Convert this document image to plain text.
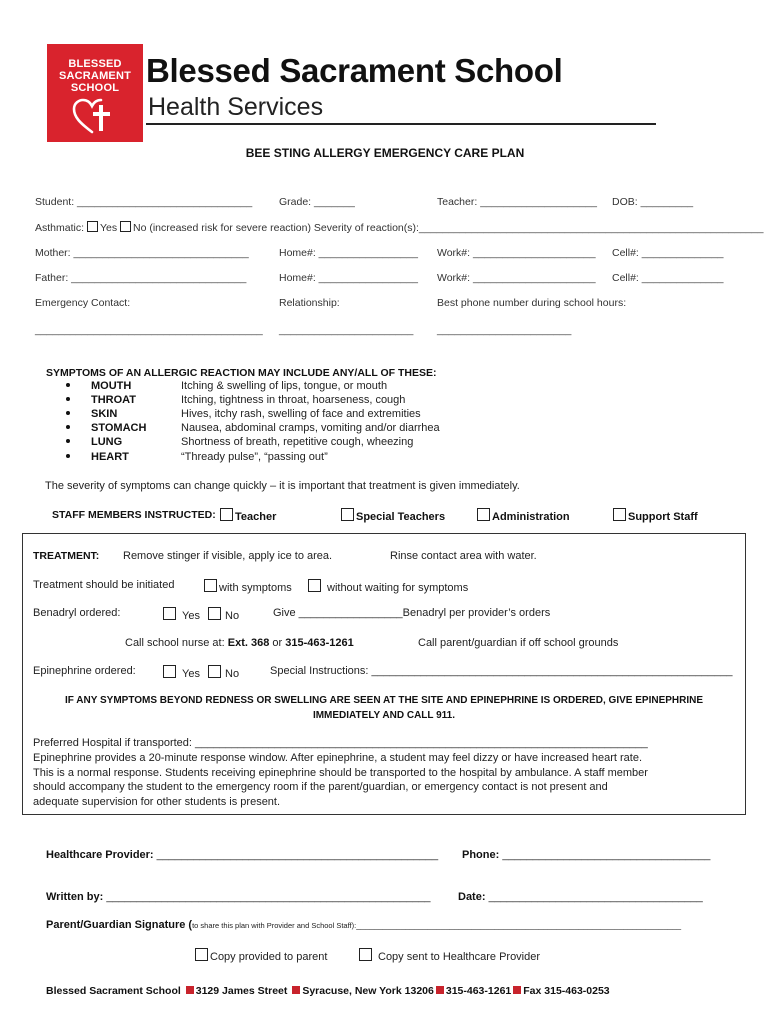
BLESSED
SACRAMENT
SCHOOL Blessed Sacrament School
Health Services
BEE STING ALLERGY EMERGENCY CARE PLAN
Student: ______________________________	Grade: _______	Teacher: ____________________ DOB: _________
Asthmatic: Yes No (increased risk for severe reaction) Severity of reaction(s):___________________________________________________________
Mother: ______________________________	Home#: _________________ Work#: _____________________ Cell#: ______________
Father: ______________________________	Home#: _________________ Work#: _____________________ Cell#: ______________
Emergency Contact:	Relationship:	Best phone number during school hours:
_______________________________________ _______________________ _______________________
SYMPTOMS OF AN ALLERGIC REACTION MAY INCLUDE ANY/ALL OF THESE:
MOUTH	Itching & swelling of lips, tongue, or mouth
THROAT	Itching, tightness in throat, hoarseness, cough
SKIN	Hives, itchy rash, swelling of face and extremities
STOMACH	Nausea, abdominal cramps, vomiting and/or diarrhea
LUNG	Shortness of breath, repetitive cough, wheezing
HEART	“Thready pulse”, “passing out”
The severity of symptoms can change quickly – it is important that treatment is given immediately.
STAFF MEMBERS INSTRUCTED:	Teacher	Special Teachers	Administration	Support Staff
TREATMENT: Remove stinger if visible, apply ice to area.	Rinse contact area with water.
Treatment should be initiated	with symptoms	without waiting for symptoms
Benadryl ordered:	Yes	No	Give _________________Benadryl per provider’s orders
Call school nurse at: Ext. 368 or 315-463-1261	Call parent/guardian if off school grounds
Epinephrine ordered:	Yes	No	Special Instructions: ___________________________________________________________
IF ANY SYMPTOMS BEYOND REDNESS OR SWELLING ARE SEEN AT THE SITE AND EPINEPHRINE IS ORDERED, GIVE EPINEPHRINE
IMMEDIATELY AND CALL 911.
Preferred Hospital if transported: __________________________________________________________________________
Epinephrine provides a 20-minute response window. After epinephrine, a student may feel dizzy or have increased heart rate.
This is a normal response. Students receiving epinephrine should be transported to the hospital by ambulance. A staff member
should accompany the student to the emergency room if the parent/guardian, or emergency contact is not present and
adequate supervision for other students is present.
Healthcare Provider: ______________________________________________ Phone: __________________________________
Written by: _____________________________________________________ Date: ___________________________________
Parent/Guardian Signature (to share this plan with Provider and School Staff):_________________________________________________________________________
Copy provided to parent	Copy sent to Healthcare Provider
Blessed Sacrament School 3129 James Street Syracuse, New York 13206 315-463-1261 Fax 315-463-0253
